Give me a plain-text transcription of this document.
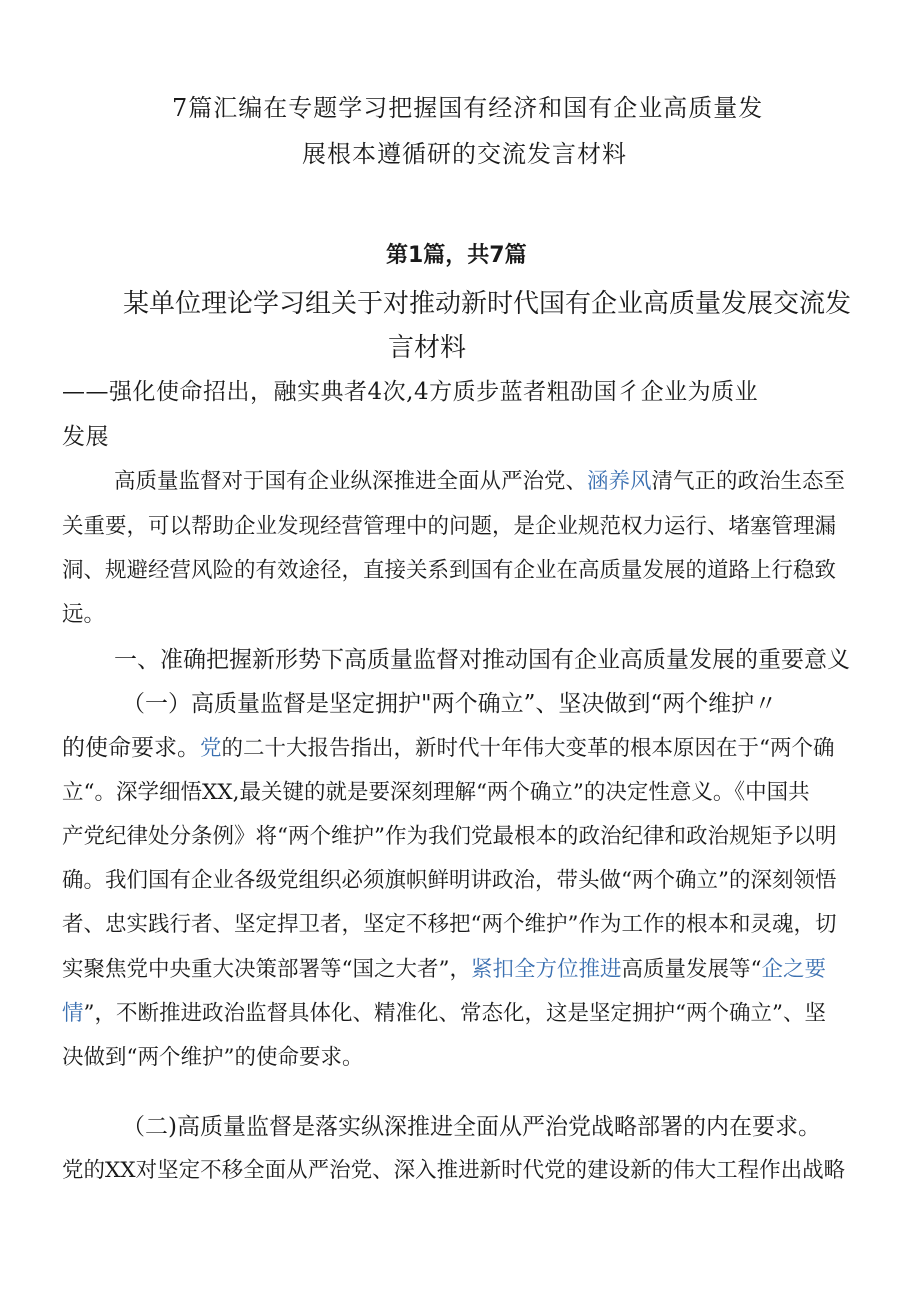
7篇汇编在专题学习把握国有经济和国有企业高质量发
展根本遵循研的交流发言材料
第1篇，共7篇
某单位理论学习组关于对推动新时代国有企业高质量发展交流发
言材料
——强化使命招出，融实典者4次,4方质步蓝者粗劭国彳企业为质业
发展
高质量监督对于国有企业纵深推进全面从严治党、涵养风清气正的政治生态至
关重要，可以帮助企业发现经营管理中的问题，是企业规范权力运行、堵塞管理漏
洞、规避经营风险的有效途径，直接关系到国有企业在高质量发展的道路上行稳致
远。
一、准确把握新形势下高质量监督对推动国有企业高质量发展的重要意义
（一）高质量监督是坚定拥护"两个确立”、坚决做到“两个维护〃
的使命要求。党的二十大报告指出，新时代十年伟大变革的根本原因在于“两个确
立“。深学细悟XX,最关键的就是要深刻理解“两个确立”的决定性意义。《中国共
产党纪律处分条例》将“两个维护”作为我们党最根本的政治纪律和政治规矩予以明
确。我们国有企业各级党组织必须旗帜鲜明讲政治，带头做“两个确立”的深刻领悟
者、忠实践行者、坚定捍卫者，坚定不移把“两个维护”作为工作的根本和灵魂，切
实聚焦党中央重大决策部署等“国之大者”，紧扣全方位推进高质量发展等“企之要
情”，不断推进政治监督具体化、精准化、常态化，这是坚定拥护“两个确立”、坚
决做到“两个维护”的使命要求。
（二)高质量监督是落实纵深推进全面从严治党战略部署的内在要求。
党的XX对坚定不移全面从严治党、深入推进新时代党的建设新的伟大工程作出战略
